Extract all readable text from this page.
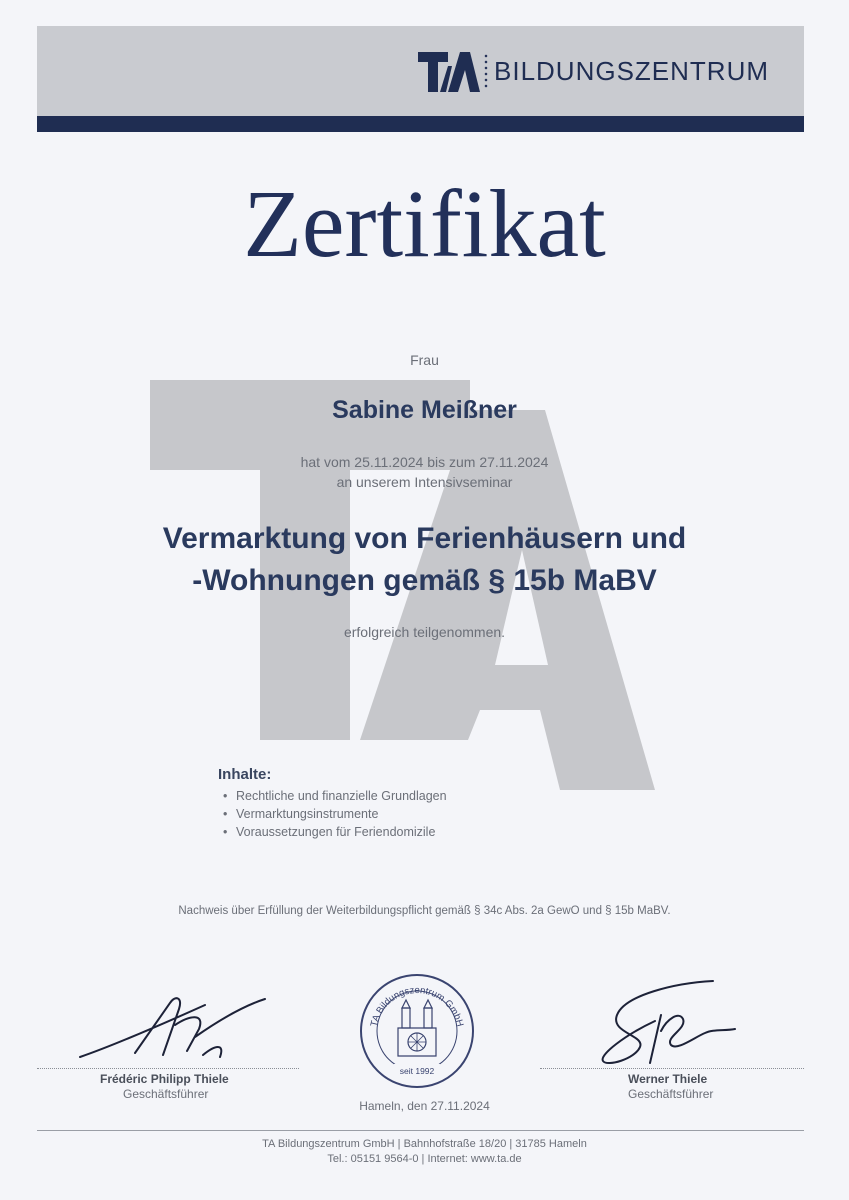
BILDUNGSZENTRUM
Zertifikat
Frau
Sabine Meißner
hat vom 25.11.2024 bis zum 27.11.2024
an unserem Intensivseminar
Vermarktung von Ferienhäusern und
-Wohnungen gemäß § 15b MaBV
erfolgreich teilgenommen.
Inhalte:
• Rechtliche und finanzielle Grundlagen
• Vermarktungsinstrumente
• Voraussetzungen für Feriendomizile
Nachweis über Erfüllung der Weiterbildungspflicht gemäß § 34c Abs. 2a GewO und § 15b MaBV.
Frédéric Philipp Thiele
Geschäftsführer
TA Bildungszentrum GmbH
seit 1992
Hameln, den 27.11.2024
Werner Thiele
Geschäftsführer
TA Bildungszentrum GmbH | Bahnhofstraße 18/20 | 31785 Hameln
Tel.: 05151 9564-0 | Internet: www.ta.de
